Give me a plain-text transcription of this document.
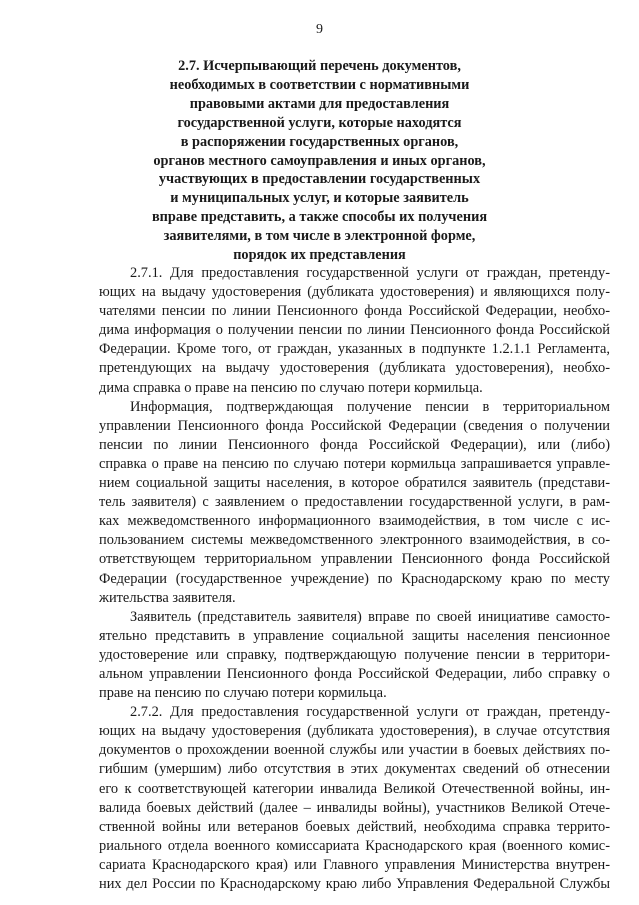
9
2.7. Исчерпывающий перечень документов,
необходимых в соответствии с нормативными
правовыми актами для предоставления
государственной услуги, которые находятся
в распоряжении государственных органов,
органов местного самоуправления и иных органов,
участвующих в предоставлении государственных
и муниципальных услуг, и которые заявитель
вправе представить, а также способы их получения
заявителями, в том числе в электронной форме,
порядок их представления
2.7.1. Для предоставления государственной услуги от граждан, претенду-
ющих на выдачу удостоверения (дубликата удостоверения) и являющихся полу-
чателями пенсии по линии Пенсионного фонда Российской Федерации, необхо-
дима информация о получении пенсии по линии Пенсионного фонда Российской
Федерации. Кроме того, от граждан, указанных в подпункте 1.2.1.1 Регламента,
претендующих на выдачу удостоверения (дубликата удостоверения), необхо-
дима справка о праве на пенсию по случаю потери кормильца.
Информация, подтверждающая получение пенсии в территориальном
управлении Пенсионного фонда Российской Федерации (сведения о получении
пенсии по линии Пенсионного фонда Российской Федерации), или (либо)
справка о праве на пенсию по случаю потери кормильца запрашивается управле-
нием социальной защиты населения, в которое обратился заявитель (представи-
тель заявителя) с заявлением о предоставлении государственной услуги, в рам-
ках межведомственного информационного взаимодействия, в том числе с ис-
пользованием системы межведомственного электронного взаимодействия, в со-
ответствующем территориальном управлении Пенсионного фонда Российской
Федерации (государственное учреждение) по Краснодарскому краю по месту
жительства заявителя.
Заявитель (представитель заявителя) вправе по своей инициативе самосто-
ятельно представить в управление социальной защиты населения пенсионное
удостоверение или справку, подтверждающую получение пенсии в территори-
альном управлении Пенсионного фонда Российской Федерации, либо справку о
праве на пенсию по случаю потери кормильца.
2.7.2. Для предоставления государственной услуги от граждан, претенду-
ющих на выдачу удостоверения (дубликата удостоверения), в случае отсутствия
документов о прохождении военной службы или участии в боевых действиях по-
гибшим (умершим) либо отсутствия в этих документах сведений об отнесении
его к соответствующей категории инвалида Великой Отечественной войны, ин-
валида боевых действий (далее – инвалиды войны), участников Великой Отече-
ственной войны или ветеранов боевых действий, необходима справка террито-
риального отдела военного комиссариата Краснодарского края (военного комис-
сариата Краснодарского края) или Главного управления Министерства внутрен-
них дел России по Краснодарскому краю либо Управления Федеральной Службы
